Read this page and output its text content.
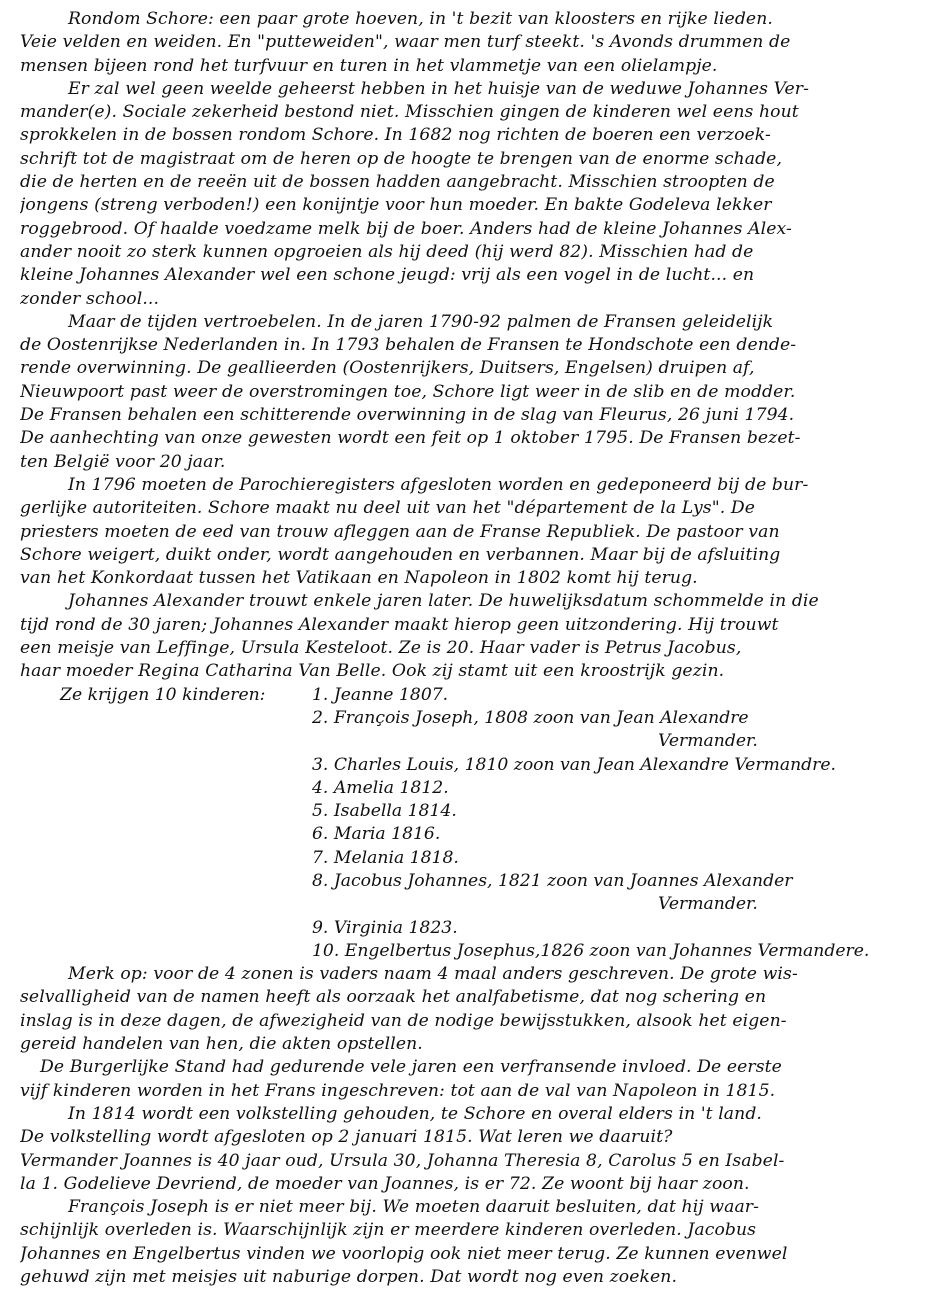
Rondom Schore: een paar grote hoeven, in 't bezit van kloosters en rijke lieden.
Veie velden en weiden. En "putteweiden", waar men turf steekt. 's Avonds drummen de
mensen bijeen rond het turfvuur en turen in het vlammetje van een olielampje.
Er zal wel geen weelde geheerst hebben in het huisje van de weduwe Johannes Ver-
mander(e). Sociale zekerheid bestond niet. Misschien gingen de kinderen wel eens hout
sprokkelen in de bossen rondom Schore. In 1682 nog richten de boeren een verzoek-
schrift tot de magistraat om de heren op de hoogte te brengen van de enorme schade,
die de herten en de reeën uit de bossen hadden aangebracht. Misschien stroopten de
jongens (streng verboden!) een konijntje voor hun moeder. En bakte Godeleva lekker
roggebrood. Of haalde voedzame melk bij de boer. Anders had de kleine Johannes Alex-
ander nooit zo sterk kunnen opgroeien als hij deed (hij werd 82). Misschien had de
kleine Johannes Alexander wel een schone jeugd: vrij als een vogel in de lucht... en
zonder school...
Maar de tijden vertroebelen. In de jaren 1790-92 palmen de Fransen geleidelijk
de Oostenrijkse Nederlanden in. In 1793 behalen de Fransen te Hondschote een dende-
rende overwinning. De geallieerden (Oostenrijkers, Duitsers, Engelsen) druipen af,
Nieuwpoort past weer de overstromingen toe, Schore ligt weer in de slib en de modder.
De Fransen behalen een schitterende overwinning in de slag van Fleurus, 26 juni 1794.
De aanhechting van onze gewesten wordt een feit op 1 oktober 1795. De Fransen bezet-
ten België voor 20 jaar.
In 1796 moeten de Parochieregisters afgesloten worden en gedeponeerd bij de bur-
gerlijke autoriteiten. Schore maakt nu deel uit van het "département de la Lys". De
priesters moeten de eed van trouw afleggen aan de Franse Republiek. De pastoor van
Schore weigert, duikt onder, wordt aangehouden en verbannen. Maar bij de afsluiting
van het Konkordaat tussen het Vatikaan en Napoleon in 1802 komt hij terug.
Johannes Alexander trouwt enkele jaren later. De huwelijksdatum schommelde in die
tijd rond de 30 jaren; Johannes Alexander maakt hierop geen uitzondering. Hij trouwt
een meisje van Leffinge, Ursula Kesteloot. Ze is 20. Haar vader is Petrus Jacobus,
haar moeder Regina Catharina Van Belle. Ook zij stamt uit een kroostrijk gezin.
Ze krijgen 10 kinderen:	1. Jeanne 1807.
2. François Joseph, 1808 zoon van Jean Alexandre
Vermander.
3. Charles Louis, 1810 zoon van Jean Alexandre Vermandre.
4. Amelia 1812.
5. Isabella 1814.
6. Maria 1816.
7. Melania 1818.
8. Jacobus Johannes, 1821 zoon van Joannes Alexander
Vermander.
9. Virginia 1823.
10. Engelbertus Josephus,1826 zoon van Johannes Vermandere.
Merk op: voor de 4 zonen is vaders naam 4 maal anders geschreven. De grote wis-
selvalligheid van de namen heeft als oorzaak het analfabetisme, dat nog schering en
inslag is in deze dagen, de afwezigheid van de nodige bewijsstukken, alsook het eigen-
gereid handelen van hen, die akten opstellen.
De Burgerlijke Stand had gedurende vele jaren een verfransende invloed. De eerste
vijf kinderen worden in het Frans ingeschreven: tot aan de val van Napoleon in 1815.
In 1814 wordt een volkstelling gehouden, te Schore en overal elders in 't land.
De volkstelling wordt afgesloten op 2 januari 1815. Wat leren we daaruit?
Vermander Joannes is 40 jaar oud, Ursula 30, Johanna Theresia 8, Carolus 5 en Isabel-
la 1. Godelieve Devriend, de moeder van Joannes, is er 72. Ze woont bij haar zoon.
François Joseph is er niet meer bij. We moeten daaruit besluiten, dat hij waar-
schijnlijk overleden is. Waarschijnlijk zijn er meerdere kinderen overleden. Jacobus
Johannes en Engelbertus vinden we voorlopig ook niet meer terug. Ze kunnen evenwel
gehuwd zijn met meisjes uit naburige dorpen. Dat wordt nog even zoeken.
